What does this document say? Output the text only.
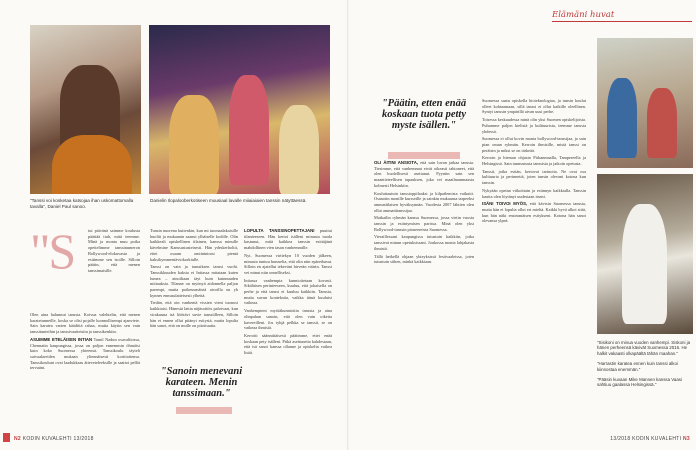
"Tanssi voi kosketaa katsojaa ihan uskomattomalla tavalla", Daniel Paul sanoo.
Danielin Ilopalooberkotiseen muusiaal lavalle miiaiaiaien tanssin nätyttäessä.
"S	tui päivänä saimme koulusta päättää tiuh, mitä teemme. Minä ja monta muu poika opettelimme tanssinumeron Bollywood-elokuvasta ja esitimme sen isoille. Silloin päätin, että menen tanssimaisille.

Olen aina halunnut tanssia. Koivua valehtelin, että menen karatetunneille, koska se olisi pojalle luonnollisempi ajanviete. Sain karatea varten käädittä rahaa, mutta käytin sen vain tanssitunteihin ja tanssivaatteisiin ja tanssikenkiin.

ASUIMME ETELÄISEN INTIAN Tamil Nadun osavaltiossa, Chennatin kaupungissa, jossa on paljon ennemmin öhmäisi kuin koko Suomessa yhteensä. Tanssikoulu täyteli suivaalareiden mukaan yliennäisesti korttiottensa. Tanssikouluni ovat laadukkaas ätteveteleeksille ja saattoi pelliä tervuäni.

Tunsin nuorena kuitenkin, kun mt tuomaalakaisille huoliii ja mukaanin saanui ylhäiselle kodille. Olin kaikkeali opiskellinen tilainen, kanssa minulle kävelmine Kanssastusteisesti. Hän ydeskerholtii, ettei osaam omiinintrasi pientä kaksikymmeniäviokorkiulle.

Tanssi on vain ja tanssiksen tanssi vuohi. Tanssikkuuden kaksia ei Intiassa mitataan kuten lumea – ainoiltaan täyt kuin kuinnuuden mittauksia. Tilanne on myönyä aidonnella paljon parempi, mutta poikeusmäistä aivoilla on yh kynnes ennusulatteisesti ylhettä.

Tiedän, että oin vanhentä vissien vieni tuonosi kaikkiaisi. Hänestä lattia näjäsoitöis paloivaat, kun virakuuna isä lööttävi suvie tanssiilleen, Silloin hän ei ennen ollut pitänyt esitystä, mutta lopulta hän sanoi, että on mulle on pitoituutta.

"Sanoin menevani karateen. Menin tanssimaan."

LOPULTA TANSSINOPETTAJANI puuttui tilanteeseen. Hän kertoi isälleni minusta tuoda kastunut, mitä kaikkea tanssin esittäjänä mahdollinen vien tasan vanhemmille.

Nyt, Suomessa virttekyn 10 vuoden jälkeen, minusta tuntuu haruselta, että olin niin epäreilunut. Silloin en ajatellut tekeväni hirveän väärin. Tanssi vei minut niin onnelliseksi.

Intiassa vanhempia kunnioitetaan kovasti. Sikäläisen perinteeseen, kuuluu, että jokaisella on perhe ja että tanssi ei kuuluu kaikkiin. Tanssia, mutta suvun kontekstia, vaikka tämä kuuluisi vaikeaa.

Vanhempieni myötäkunnioitin tanssia ja aina olinpahan sanoin, että olen vain oikeita kavereilleni. Jos tyhjä pelkka se tanssii, se on vaikeaa ihmisiä.

Kerrotti säännittäisesti päätimme, ettei enää koskaan pety isälleni. Pitkä asettuneita kahdestaan, että isä sanoi kanssa ollanne ja opiskelin vaikea lisää.

"Päätin, etten enää koskaan tuota petty myste isällen."

OLI ÄITINI ANSIOTA, että sain luvan jatkaa tanssia. Tiesimme, että vanhemmat eivät oikeasti tahtoneet, että olen huolellisesti asettanut. Pyyntin sain sen maantieteellisen tapauksen, joka vei maailmanmaasta kolmesti Helsinkiin.

Kouluttautuin tanssioppilaaksi ja kilpailemista vaikutti. Osanotin monille kursseille ja sainkin mukaansa tarpeeksi ammattilaisen hyväksynnän. Vuodesta 2007 lähtien olen ollut ammattitanssijaa.

Matkailin ryhmän kanssa Suomessa, jossa vietin vuosia tanssin ja esiintymisen parissa. Minä olen yksi Bollywood-tanssin pioneereista Suomessa.

Vieraillessani kaupungissa tutustuin kaikkiin, jotka tanssivat minun opetuksissani. Joukossa monta lahjakasta ihmistä.

Tällä hetkellä ohjaan yhteyksissä festivaaleissa, joten tutustuin siihen, minkä kaikkiaan.

Suomessa saatu opiskella bioteknologiaa, ja tunsin koulut olleet kohtaamaan, sillä tanssi ei ollut kaikille oleellinen. Syntyi tanssin ympärillä aivan uusi perhe.

Toisessa keskuudessa minä olin yksi Suomen opiskelijoista. Puhumme paljon kielistä ja kulttuurista, teemme tanssia yhdessä.

Suomessa ei ollut kovin monta bollywood-tanssijaa, ja sain pian oman ryhmän. Kerroin ihmisille, mistä tanssi on peräisin ja miksi se on tärkeää.

Kerroin ja hieman ohjasin Pirkanmaalla, Tampereella ja Helsingissä. Sain tunnustusta tanssista ja jatkoin opetusta.

Tanssit, jotka esitän, kertovat tarinoita. Ne ovat osa kulttuuria ja perinnettä, joten tunsin olevani kotona kun tanssin.

Nykyään opetan viikoittain ja esiinnyn kaikkialla. Tanssin kautta olen löytänyt uudestaan itseni.

ISÄNI TOIVOI MYÖS, että kävisin Suomessa tanssia, mutta hän ei lopulta ollut eri mieltä. Kaikki hyvä alkoi siitä, kun hän näki ensimmäisen esitykseni. Kotona hän sanoi olevansa ylpeä.

Elämäni huvat

"Sisikoni on minua vuoden vanhempi. Siskoni ja hänen perheensä kävivät Suomessa 2016. He halkit vakaasti olkapäältä tähän maahan."

"Harrastin karatea ennen kuin tanssi alkoi kiinnostaa enemmän."

"Pääsin kuvaan Mike Mannen kanssa Vaasi sahtiuu gaalassa Helsingissä."

N2 KODIN KUVALEHTI 13/2018	13/2018 KODIN KUVALEHTI N3
